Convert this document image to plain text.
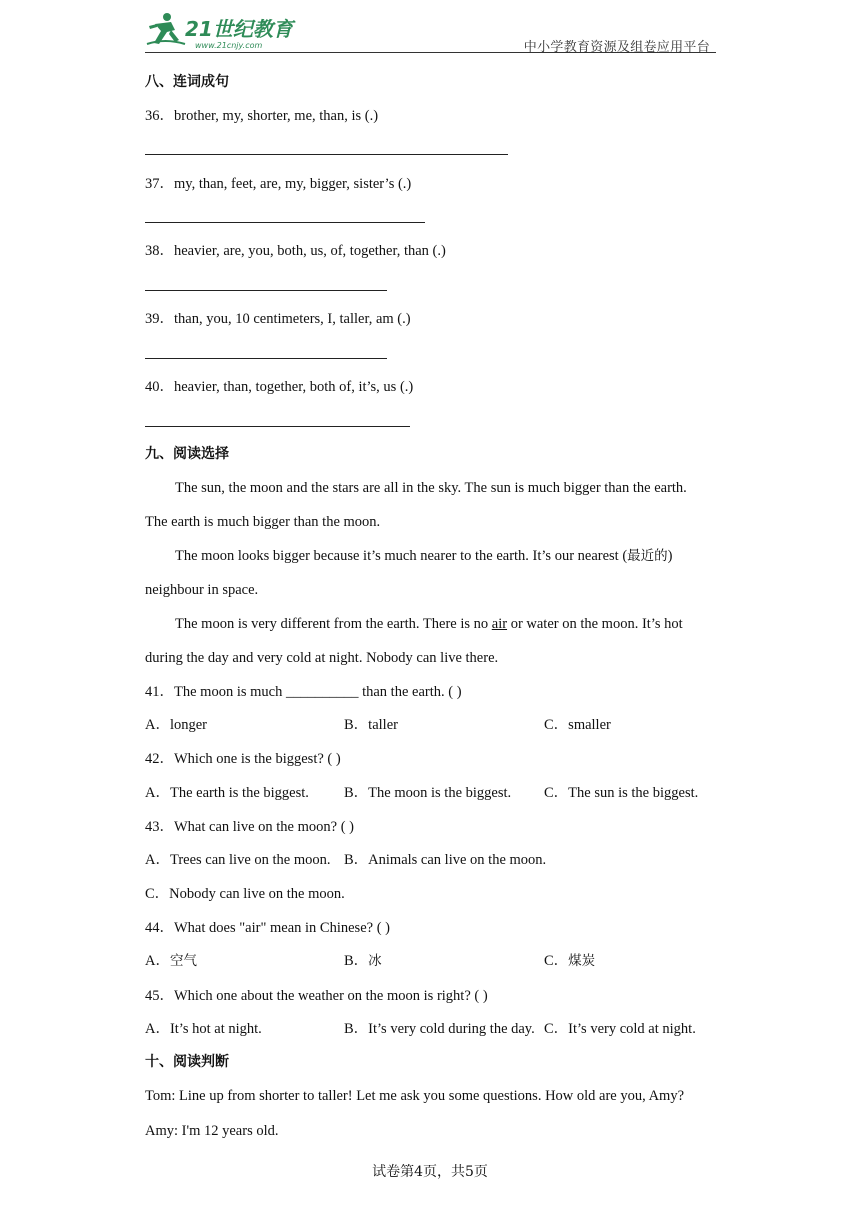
21世纪教育
www.21cnjy.com	中小学教育资源及组卷应用平台
八、连词成句
36．brother, my, shorter, me, than, is (.)
37．my, than, feet, are, my, bigger, sister’s (.)
38．heavier, are, you, both, us, of, together, than (.)
39．than, you, 10 centimeters, I, taller, am (.)
40．heavier, than, together, both of, it’s, us (.)
九、阅读选择
The sun, the moon and the stars are all in the sky. The sun is much bigger than the earth.
The earth is much bigger than the moon.
The moon looks bigger because it’s much nearer to the earth. It’s our nearest (最近的)
neighbour in space.
The moon is very different from the earth. There is no air or water on the moon. It’s hot
during the day and very cold at night. Nobody can live there.
41．The moon is much __________ than the earth. ( )
A．longer	B．taller	C．smaller
42．Which one is the biggest? ( )
A．The earth is the biggest. B．The moon is the biggest. C．The sun is the biggest.
43．What can live on the moon? ( )
A．Trees can live on the moon. B．Animals can live on the moon.
C．Nobody can live on the moon.
44．What does "air" mean in Chinese? ( )
A．空气	B．冰	C．煤炭
45．Which one about the weather on the moon is right? ( )
A．It’s hot at night.	B．It’s very cold during the day. C．It’s very cold at night.
十、阅读判断
Tom: Line up from shorter to taller! Let me ask you some questions. How old are you, Amy?
Amy: I'm 12 years old.
试卷第4页，共5页
